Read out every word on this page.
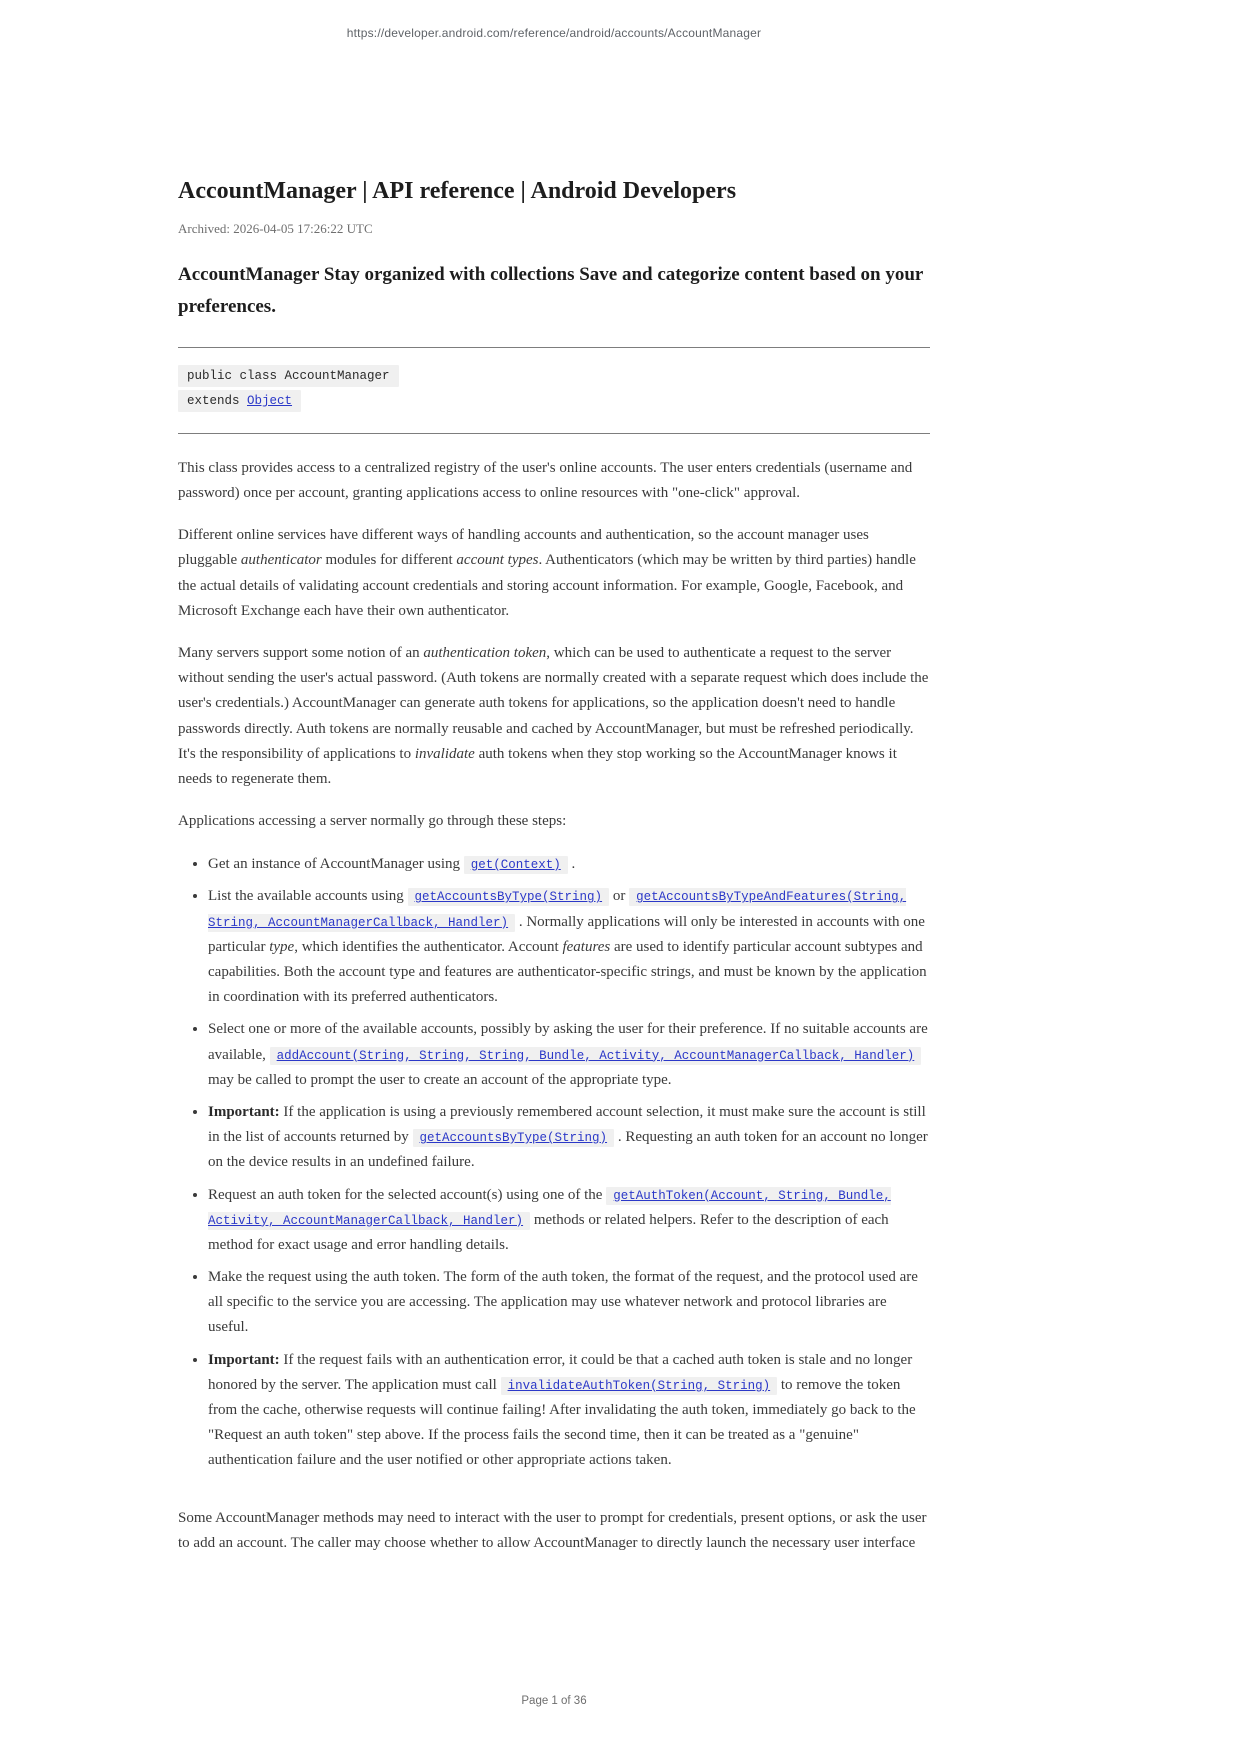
https://developer.android.com/reference/android/accounts/AccountManager
AccountManager | API reference | Android Developers
Archived: 2026-04-05 17:26:22 UTC
AccountManager Stay organized with collections Save and categorize content based on your preferences.
public class AccountManager
extends Object

This class provides access to a centralized registry of the user's online accounts. The user enters credentials (username and password) once per account, granting applications access to online resources with "one-click" approval.

Different online services have different ways of handling accounts and authentication, so the account manager uses pluggable authenticator modules for different account types. Authenticators (which may be written by third parties) handle the actual details of validating account credentials and storing account information. For example, Google, Facebook, and Microsoft Exchange each have their own authenticator.

Many servers support some notion of an authentication token, which can be used to authenticate a request to the server without sending the user's actual password. (Auth tokens are normally created with a separate request which does include the user's credentials.) AccountManager can generate auth tokens for applications, so the application doesn't need to handle passwords directly. Auth tokens are normally reusable and cached by AccountManager, but must be refreshed periodically. It's the responsibility of applications to invalidate auth tokens when they stop working so the AccountManager knows it needs to regenerate them.

Applications accessing a server normally go through these steps:

• Get an instance of AccountManager using get(Context) .
• List the available accounts using getAccountsByType(String) or getAccountsByTypeAndFeatures(String, String, AccountManagerCallback, Handler) . Normally applications will only be interested in accounts with one particular type, which identifies the authenticator. Account features are used to identify particular account subtypes and capabilities. Both the account type and features are authenticator-specific strings, and must be known by the application in coordination with its preferred authenticators.
• Select one or more of the available accounts, possibly by asking the user for their preference. If no suitable accounts are available, addAccount(String, String, String, Bundle, Activity, AccountManagerCallback, Handler) may be called to prompt the user to create an account of the appropriate type.
• Important: If the application is using a previously remembered account selection, it must make sure the account is still in the list of accounts returned by getAccountsByType(String) . Requesting an auth token for an account no longer on the device results in an undefined failure.
• Request an auth token for the selected account(s) using one of the getAuthToken(Account, String, Bundle, Activity, AccountManagerCallback, Handler) methods or related helpers. Refer to the description of each method for exact usage and error handling details.
• Make the request using the auth token. The form of the auth token, the format of the request, and the protocol used are all specific to the service you are accessing. The application may use whatever network and protocol libraries are useful.
• Important: If the request fails with an authentication error, it could be that a cached auth token is stale and no longer honored by the server. The application must call invalidateAuthToken(String, String) to remove the token from the cache, otherwise requests will continue failing! After invalidating the auth token, immediately go back to the "Request an auth token" step above. If the process fails the second time, then it can be treated as a "genuine" authentication failure and the user notified or other appropriate actions taken.

Some AccountManager methods may need to interact with the user to prompt for credentials, present options, or ask the user to add an account. The caller may choose whether to allow AccountManager to directly launch the necessary user interface

Page 1 of 36
